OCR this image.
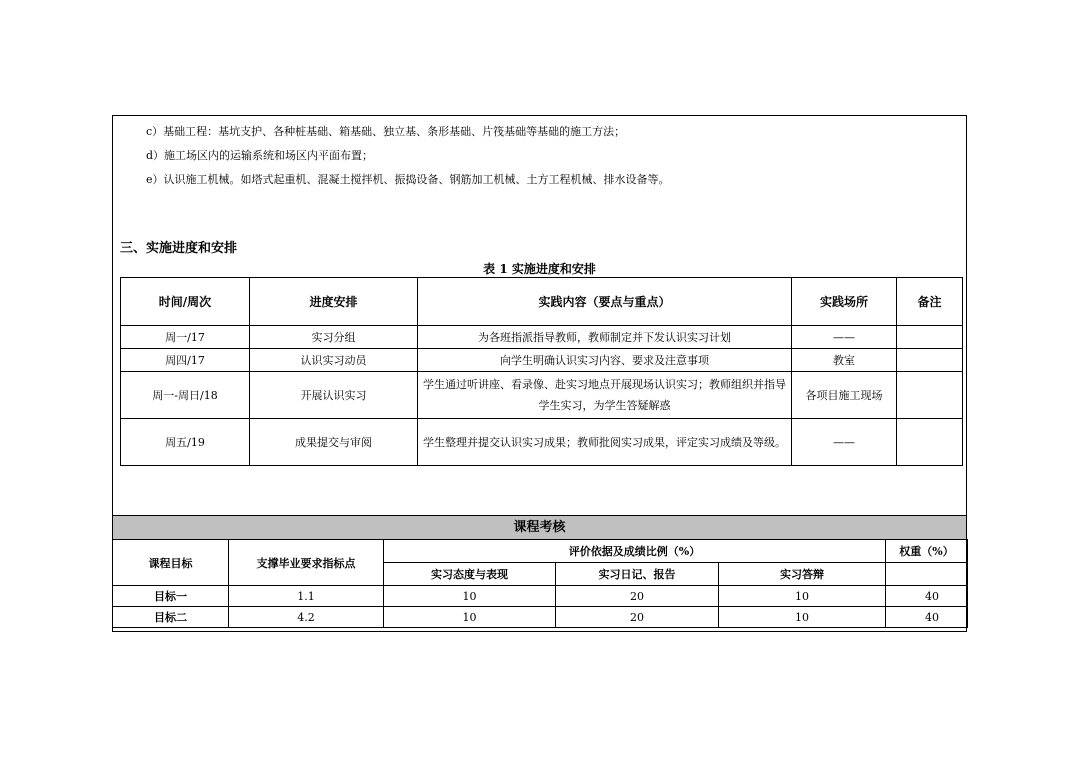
c）基础工程：基坑支护、各种桩基础、箱基础、独立基、条形基础、片筏基础等基础的施工方法；
d）施工场区内的运输系统和场区内平面布置；
e）认识施工机械。如塔式起重机、混凝土搅拌机、振捣设备、钢筋加工机械、土方工程机械、排水设备等。
三、实施进度和安排
表 1 实施进度和安排
时间/周次	进度安排	实践内容（要点与重点）	实践场所	备注
周一/17	实习分组	为各班指派指导教师，教师制定并下发认识实习计划	——	
周四/17	认识实习动员	向学生明确认识实习内容、要求及注意事项	教室	
周一-周日/18	开展认识实习	学生通过听讲座、看录像、赴实习地点开展现场认识实习；教师组织并指导学生实习，为学生答疑解惑	各项目施工现场	
周五/19	成果提交与审阅	学生整理并提交认识实习成果；教师批阅实习成果，评定实习成绩及等级。	——	
课程考核
课程目标	支撑毕业要求指标点	评价依据及成绩比例（%）			权重（%）
		实习态度与表现	实习日记、报告	实习答辩	
目标一	1.1	10	20	10	40
目标二	4.2	10	20	10	40
